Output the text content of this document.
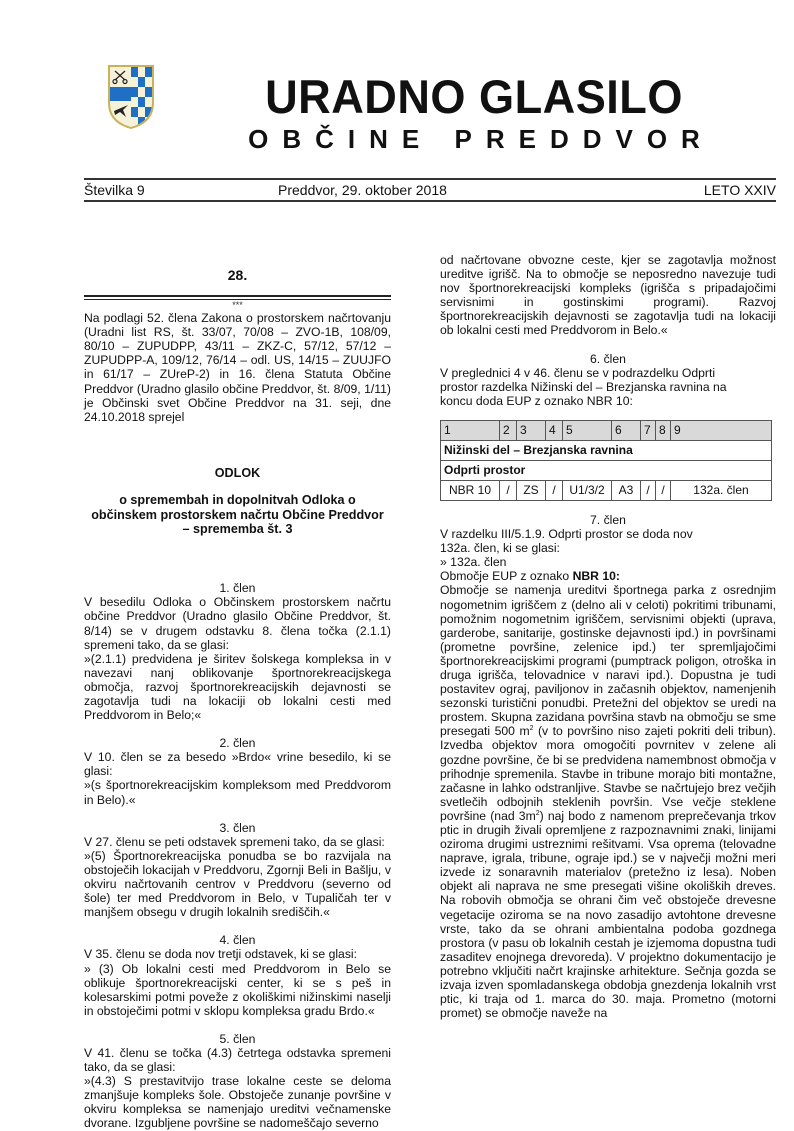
URADNO GLASILO
OBČINE PREDDVOR
Številka 9	Preddvor, 29. oktober 2018	LETO XXIV

28.

***

Na podlagi 52. člena Zakona o prostorskem načrtovanju (Uradni list RS, št. 33/07, 70/08 – ZVO-1B, 108/09, 80/10 – ZUPUDPP, 43/11 – ZKZ-C, 57/12, 57/12 – ZUPUDPP-A, 109/12, 76/14 – odl. US, 14/15 – ZUUJFO in 61/17 – ZUreP-2) in 16. člena Statuta Občine Preddvor (Uradno glasilo občine Preddvor, št. 8/09, 1/11) je Občinski svet Občine Preddvor na 31. seji, dne 24.10.2018 sprejel

ODLOK

o spremembah in dopolnitvah Odloka o občinskem prostorskem načrtu Občine Preddvor – sprememba št. 3

1. člen

V besedilu Odloka o Občinskem prostorskem načrtu občine Preddvor (Uradno glasilo Občine Preddvor, št. 8/14) se v drugem odstavku 8. člena točka (2.1.1) spremeni tako, da se glasi:

»(2.1.1) predvidena je širitev šolskega kompleksa in v navezavi nanj oblikovanje športnorekreacijskega območja, razvoj športnorekreacijskih dejavnosti se zagotavlja tudi na lokaciji ob lokalni cesti med Preddvorom in Belo;«

2. člen

V 10. člen se za besedo »Brdo« vrine besedilo, ki se glasi:

»(s športnorekreacijskim kompleksom med Preddvorom in Belo).«

3. člen

V 27. členu se peti odstavek spremeni tako, da se glasi:

»(5) Športnorekreacijska ponudba se bo razvijala na obstoječih lokacijah v Preddvoru, Zgornji Beli in Bašlju, v okviru načrtovanih centrov v Preddvoru (severno od šole) ter med Preddvorom in Belo, v Tupaličah ter v manjšem obsegu v drugih lokalnih središčih.«

4. člen

V 35. členu se doda nov tretji odstavek, ki se glasi:

» (3) Ob lokalni cesti med Preddvorom in Belo se oblikuje športnorekreacijski center, ki se s peš in kolesarskimi potmi poveže z okoliškimi nižinskimi naselji in obstoječimi potmi v sklopu kompleksa gradu Brdo.«

5. člen

V 41. členu se točka (4.3) četrtega odstavka spremeni tako, da se glasi:

»(4.3) S prestavitvijo trase lokalne ceste se deloma zmanjšuje kompleks šole. Obstoječe zunanje površine v okviru kompleksa se namenjajo ureditvi večnamenske dvorane. Izgubljene površine se nadomeščajo severno

od načrtovane obvozne ceste, kjer se zagotavlja možnost ureditve igrišč. Na to območje se neposredno navezuje tudi nov športnorekreacijski kompleks (igrišča s pripadajočimi servisnimi in gostinskimi programi). Razvoj športnorekreacijskih dejavnosti se zagotavlja tudi na lokaciji ob lokalni cesti med Preddvorom in Belo.«

6. člen

V preglednici 4 v 46. členu se v podrazdelku Odprti prostor razdelka Nižinski del – Brezjanska ravnina na koncu doda EUP z oznako NBR 10:

1	2	3	4	5	6	7	8	9
Nižinski del – Brezjanska ravnina								
Odprti prostor								
NBR 10	/	ZS	/	U1/3/2	A3	/	/	132a. člen

7. člen

V razdelku III/5.1.9. Odprti prostor se doda nov 132a. člen, ki se glasi:

» 132a. člen

Območje EUP z oznako NBR 10:

Območje se namenja ureditvi športnega parka z osrednjim nogometnim igriščem z (delno ali v celoti) pokritimi tribunami, pomožnim nogometnim igriščem, servisnimi objekti (uprava, garderobe, sanitarije, gostinske dejavnosti ipd.) in površinami (prometne površine, zelenice ipd.) ter spremljajočimi športnorekreacijskimi programi (pumptrack poligon, otroška in druga igrišča, telovadnice v naravi ipd.). Dopustna je tudi postavitev ograj, paviljonov in začasnih objektov, namenjenih sezonski turistični ponudbi. Pretežni del objektov se uredi na prostem. Skupna zazidana površina stavb na območju se sme presegati 500 $m^2$ (v to površino niso zajeti pokriti deli tribun). Izvedba objektov mora omogočiti povrnitev v zelene ali gozdne površine, če bi se predvidena namembnost območja v prihodnje spremenila. Stavbe in tribune morajo biti montažne, začasne in lahko odstranljive. Stavbe se načrtujejo brez večjih svetlečih odbojnih steklenih površin. Vse večje steklene površine (nad $3m^2$) naj bodo z namenom preprečevanja trkov ptic in drugih živali opremljene z razpoznavnimi znaki, linijami oziroma drugimi ustreznimi rešitvami. Vsa oprema (telovadne naprave, igrala, tribune, ograje ipd.) se v največji možni meri izvede iz sonaravnih materialov (pretežno iz lesa). Noben objekt ali naprava ne sme presegati višine okoliških dreves. Na robovih območja se ohrani čim več obstoječe drevesne vegetacije oziroma se na novo zasadijo avtohtone drevesne vrste, tako da se ohrani ambientalna podoba gozdnega prostora (v pasu ob lokalnih cestah je izjemoma dopustna tudi zasaditev enojnega drevoreda). V projektno dokumentacijo je potrebno vključiti načrt krajinske arhitekture. Sečnja gozda se izvaja izven spomladanskega obdobja gnezdenja lokalnih vrst ptic, ki traja od 1. marca do 30. maja. Prometno (motorni promet) se območje naveže na
